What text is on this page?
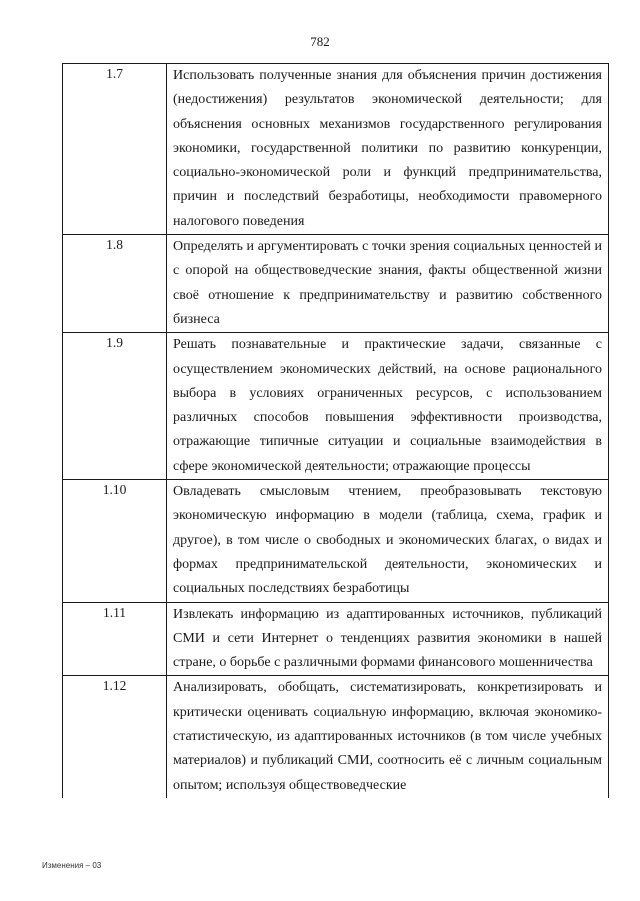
782
1.7	Использовать полученные знания для объяснения причин достижения (недостижения) результатов экономической деятельности; для объяснения основных механизмов государственного регулирования экономики, государственной политики по развитию конкуренции, социально-экономической роли и функций предпринимательства, причин и последствий безработицы, необходимости правомерного налогового поведения
1.8	Определять и аргументировать с точки зрения социальных ценностей и с опорой на обществоведческие знания, факты общественной жизни своё отношение к предпринимательству и развитию собственного бизнеса
1.9	Решать познавательные и практические задачи, связанные с осуществлением экономических действий, на основе рационального выбора в условиях ограниченных ресурсов, с использованием различных способов повышения эффективности производства, отражающие типичные ситуации и социальные взаимодействия в сфере экономической деятельности; отражающие процессы
1.10	Овладевать смысловым чтением, преобразовывать текстовую экономическую информацию в модели (таблица, схема, график и другое), в том числе о свободных и экономических благах, о видах и формах предпринимательской деятельности, экономических и социальных последствиях безработицы
1.11	Извлекать информацию из адаптированных источников, публикаций СМИ и сети Интернет о тенденциях развития экономики в нашей стране, о борьбе с различными формами финансового мошенничества
1.12	Анализировать, обобщать, систематизировать, конкретизировать и критически оценивать социальную информацию, включая экономико-статистическую, из адаптированных источников (в том числе учебных материалов) и публикаций СМИ, соотносить её с личным социальным опытом; используя обществоведческие
Изменения – 03
